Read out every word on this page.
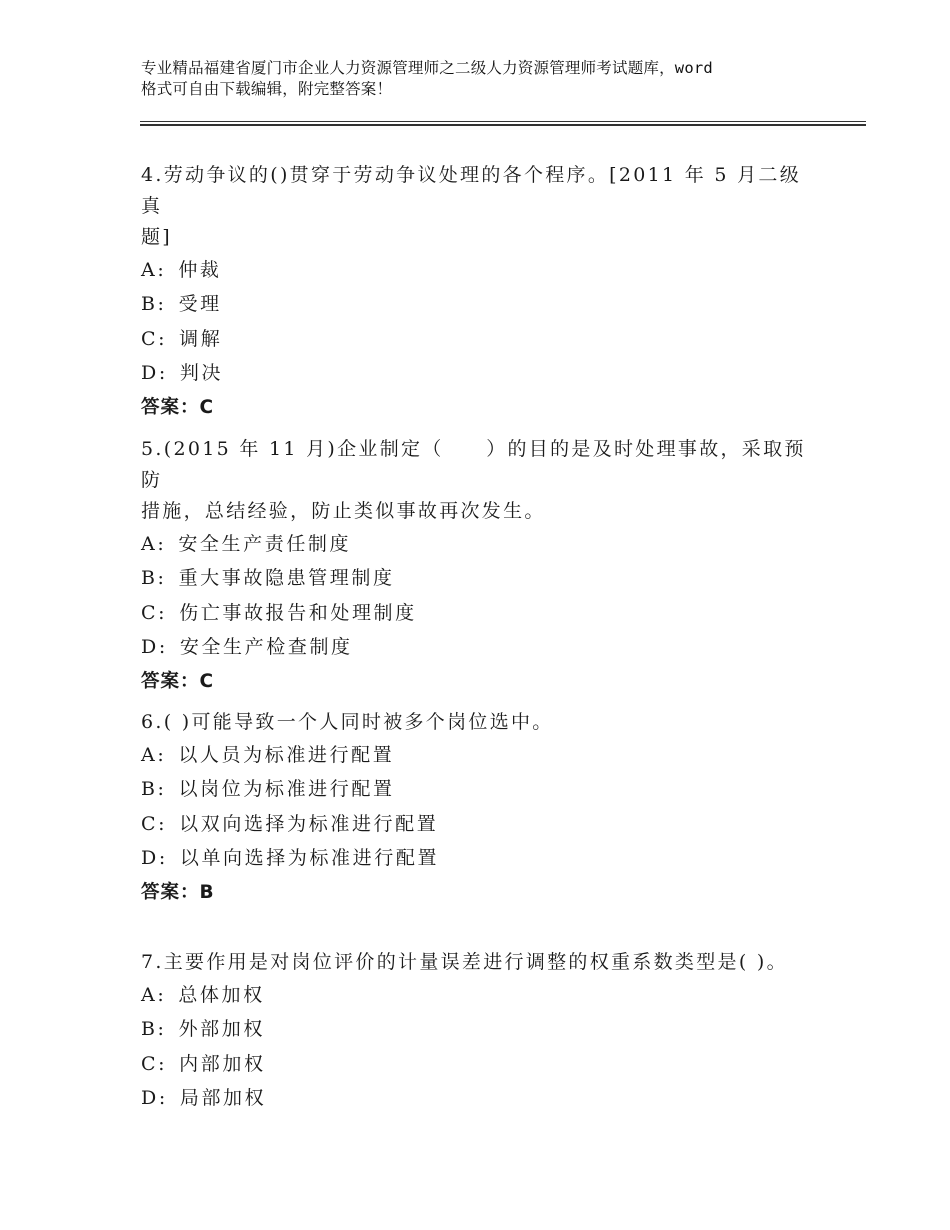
专业精品福建省厦门市企业人力资源管理师之二级人力资源管理师考试题库，word
格式可自由下载编辑，附完整答案！

4.劳动争议的()贯穿于劳动争议处理的各个程序。[2011 年 5 月二级真

题]

A: 仲裁

B: 受理

C: 调解

D: 判决

答案：C

5.(2015 年 11 月)企业制定（　　）的目的是及时处理事故，采取预防

措施，总结经验，防止类似事故再次发生。

A: 安全生产责任制度

B: 重大事故隐患管理制度

C: 伤亡事故报告和处理制度

D: 安全生产检查制度

答案：C

6.( )可能导致一个人同时被多个岗位选中。

A: 以人员为标准进行配置

B: 以岗位为标准进行配置

C: 以双向选择为标准进行配置

D: 以单向选择为标准进行配置

答案：B

7.主要作用是对岗位评价的计量误差进行调整的权重系数类型是( )。

A: 总体加权

B: 外部加权

C: 内部加权

D: 局部加权
